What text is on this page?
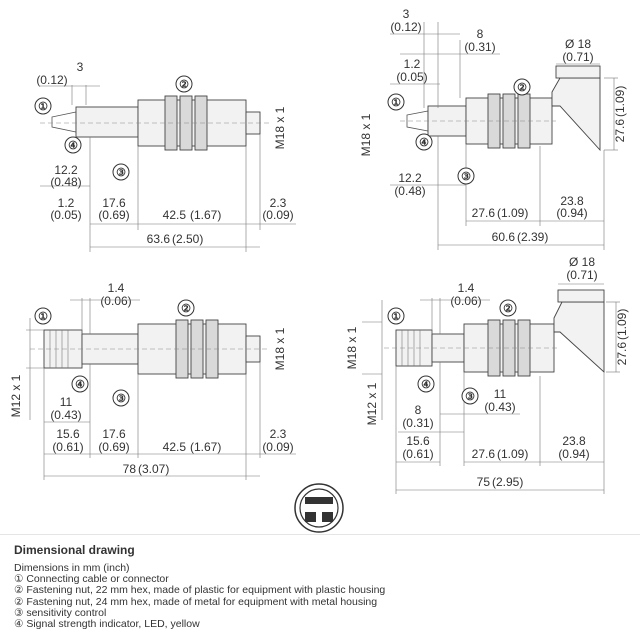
M18 x 1
3
(0.12)
12.2
(0.48)
1.2
(0.05)
17.6
(0.69)	42.5 (1.67)
2.3
(0.09)
63.6 (2.50)
①
②
③
④	M18 x 1
3
(0.12)	8
(0.31)
1.2
(0.05)
Ø 18
(0.71)
27.6(1.09)
12.2
(0.48)
27.6 (1.09)
23.8
(0.94)
60.6 (2.39)
①
②
③
④
M18 x 1
M12 x 1
1.4
(0.06)
11
(0.43)
15.6
(0.61)
17.6
(0.69)	42.5 (1.67)
2.3
(0.09)
78 (3.07)
①
②
③
④
M18 x 1
M12 x 1
Ø 18
(0.71)
1.4
(0.06)
27.6(1.09)
11
(0.43)
8
(0.31)
15.6
(0.61)	27.6 (1.09)
23.8
(0.94)
75 (2.95)
①
②
③
④
Dimensional drawing

Dimensions in mm (inch)

① Connecting cable or connector

② Fastening nut, 22 mm hex, made of plastic for equipment with plastic housing

② Fastening nut, 24 mm hex, made of metal for equipment with metal housing

③ sensitivity control

④ Signal strength indicator, LED, yellow
